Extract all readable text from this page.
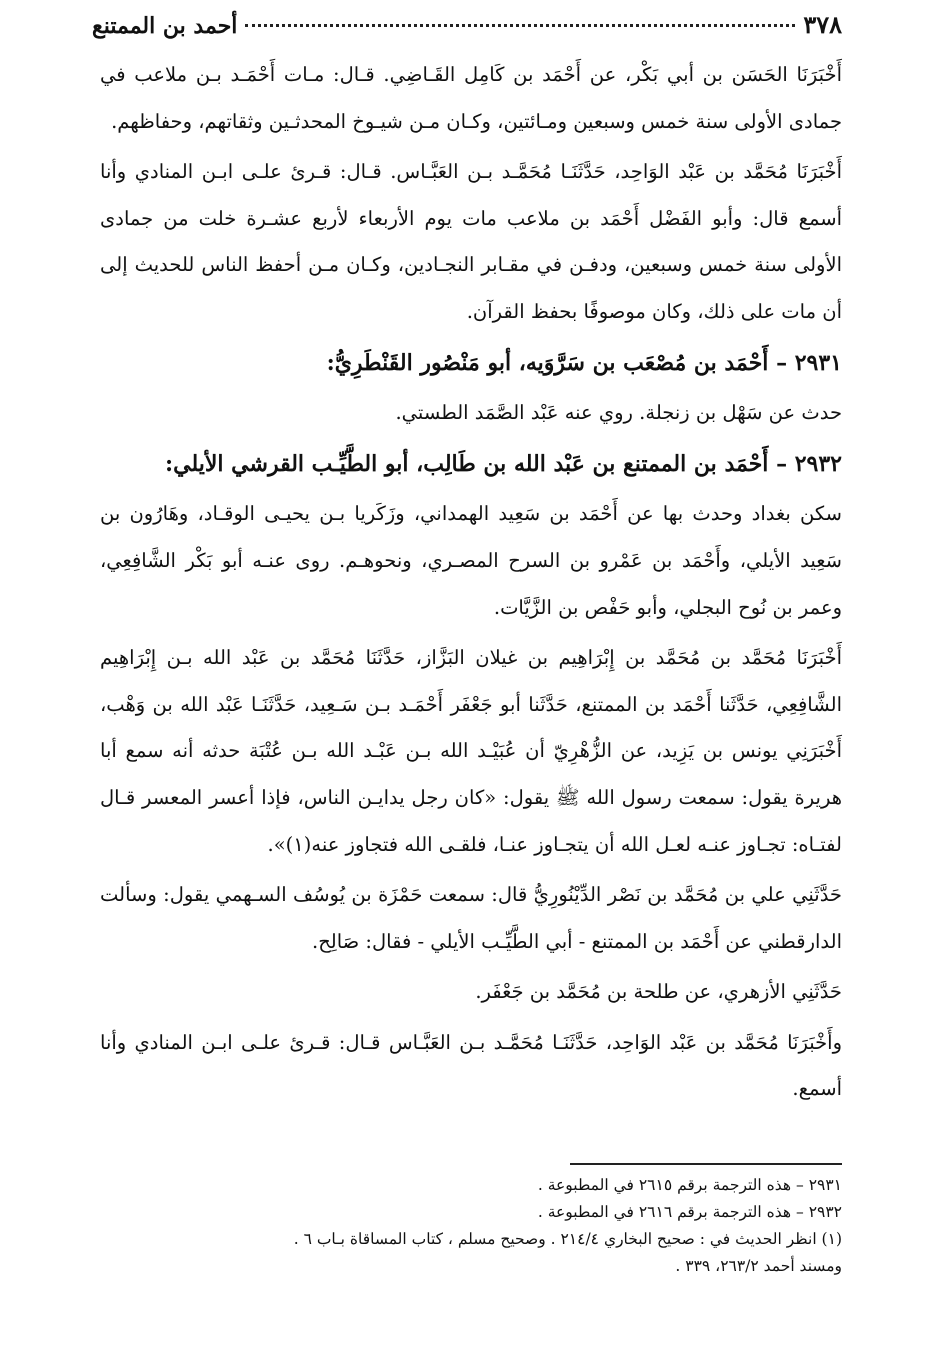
٣٧٨
أحمد بن الممتنع

أَخْبَرَنَا الحَسَن بن أبي بَكْر، عن أَحْمَد بن كَامِل القَـاضِي. قـال: مـات أَحْمَـد بـن ملاعب في جمادى الأولى سنة خمس وسبعين ومـائتين، وكـان مـن شيـوخ المحدثـين وثقاتهم، وحفاظهم.

أَخْبَرَنَا مُحَمَّد بن عَبْد الوَاحِد، حَدَّثَنَـا مُحَمَّـد بـن العَبَّـاس. قـال: قـرئ علـى ابـن المنادي وأنا أسمع قال: وأبو الفَضْل أَحْمَد بن ملاعب مات يوم الأربعاء لأربع عشـرة خلت من جمادى الأولى سنة خمس وسبعين، ودفـن في مقـابر النجـادين، وكـان مـن أحفظ الناس للحديث إلى أن مات على ذلك، وكان موصوفًا بحفظ القرآن.

٢٩٣١ – أَحْمَد بن مُصْعَب بن سَرَّوَيه، أبو مَنْصُور القَنْطَرِيُّ:

حدث عن سَهْل بن زنجلة. روي عنه عَبْد الصَّمَد الطستي.

٢٩٣٢ – أَحْمَد بن الممتنع بن عَبْد الله بن طَالِب، أبو الطَّيِّـب القرشي الأيلي:

سكن بغداد وحدث بها عن أَحْمَد بن سَعِيد الهمداني، وزَكَريا بـن يحيـى الوقـاد، وهَارُون بن سَعِيد الأيلي، وأَحْمَد بن عَمْرو بن السرح المصـري، ونحوهـم. روى عنـه أبو بَكْر الشَّافِعِي، وعمر بن نُوح البجلي، وأبو حَفْص بن الزَّيَّات.

أَخْبَرَنَا مُحَمَّد بن مُحَمَّد بن إِبْرَاهِيم بن غيلان البَزَّاز، حَدَّثَنَا مُحَمَّد بن عَبْد الله بـن إِبْرَاهِيم الشَّافِعِي، حَدَّثَنا أَحْمَد بن الممتنع، حَدَّثَنا أبو جَعْفَر أَحْمَـد بـن سَـعِيد، حَدَّثَنَـا عَبْد الله بن وَهْب، أَخْبَرَنِي يونس بن يَزِيد، عن الزُّهْرِيّ أن عُبَيْـد الله بـن عَبْـد الله بـن عُتْبَة حدثه أنه سمع أبا هريرة يقول: سمعت رسول الله ﷺ يقول: «كان رجل يدايـن الناس، فإذا أعسر المعسر قـال لفتـاه: تجـاوز عنـه لعـل الله أن يتجـاوز عنـا، فلقـى الله فتجاوز عنه(١)».

حَدَّثَنِي علي بن مُحَمَّد بن نَصْر الدِّيْنُورِيُّ قال: سمعت حَمْزَة بن يُوسُف السـهمي يقول: وسألت الدارقطني عن أَحْمَد بن الممتنع - أبي الطَّيِّـب الأيلي - فقال: صَالِح.

حَدَّثَنِي الأزهري، عن طلحة بن مُحَمَّد بن جَعْفَر.

وأَخْبَرَنَا مُحَمَّد بن عَبْد الوَاحِد، حَدَّثَنَـا مُحَمَّـد بـن العَبَّـاس قـال: قـرئ علـى ابـن المنادي وأنا أسمع.

٢٩٣١ – هذه الترجمة برقم ٢٦١٥ في المطبوعة .
٢٩٣٢ – هذه الترجمة برقم ٢٦١٦ في المطبوعة .
(١) انظر الحديث في : صحيح البخاري ٢١٤/٤ . وصحيح مسلم ، كتاب المساقاة بـاب ٦ .
ومسند أحمد ٢٦٣/٢، ٣٣٩ .
